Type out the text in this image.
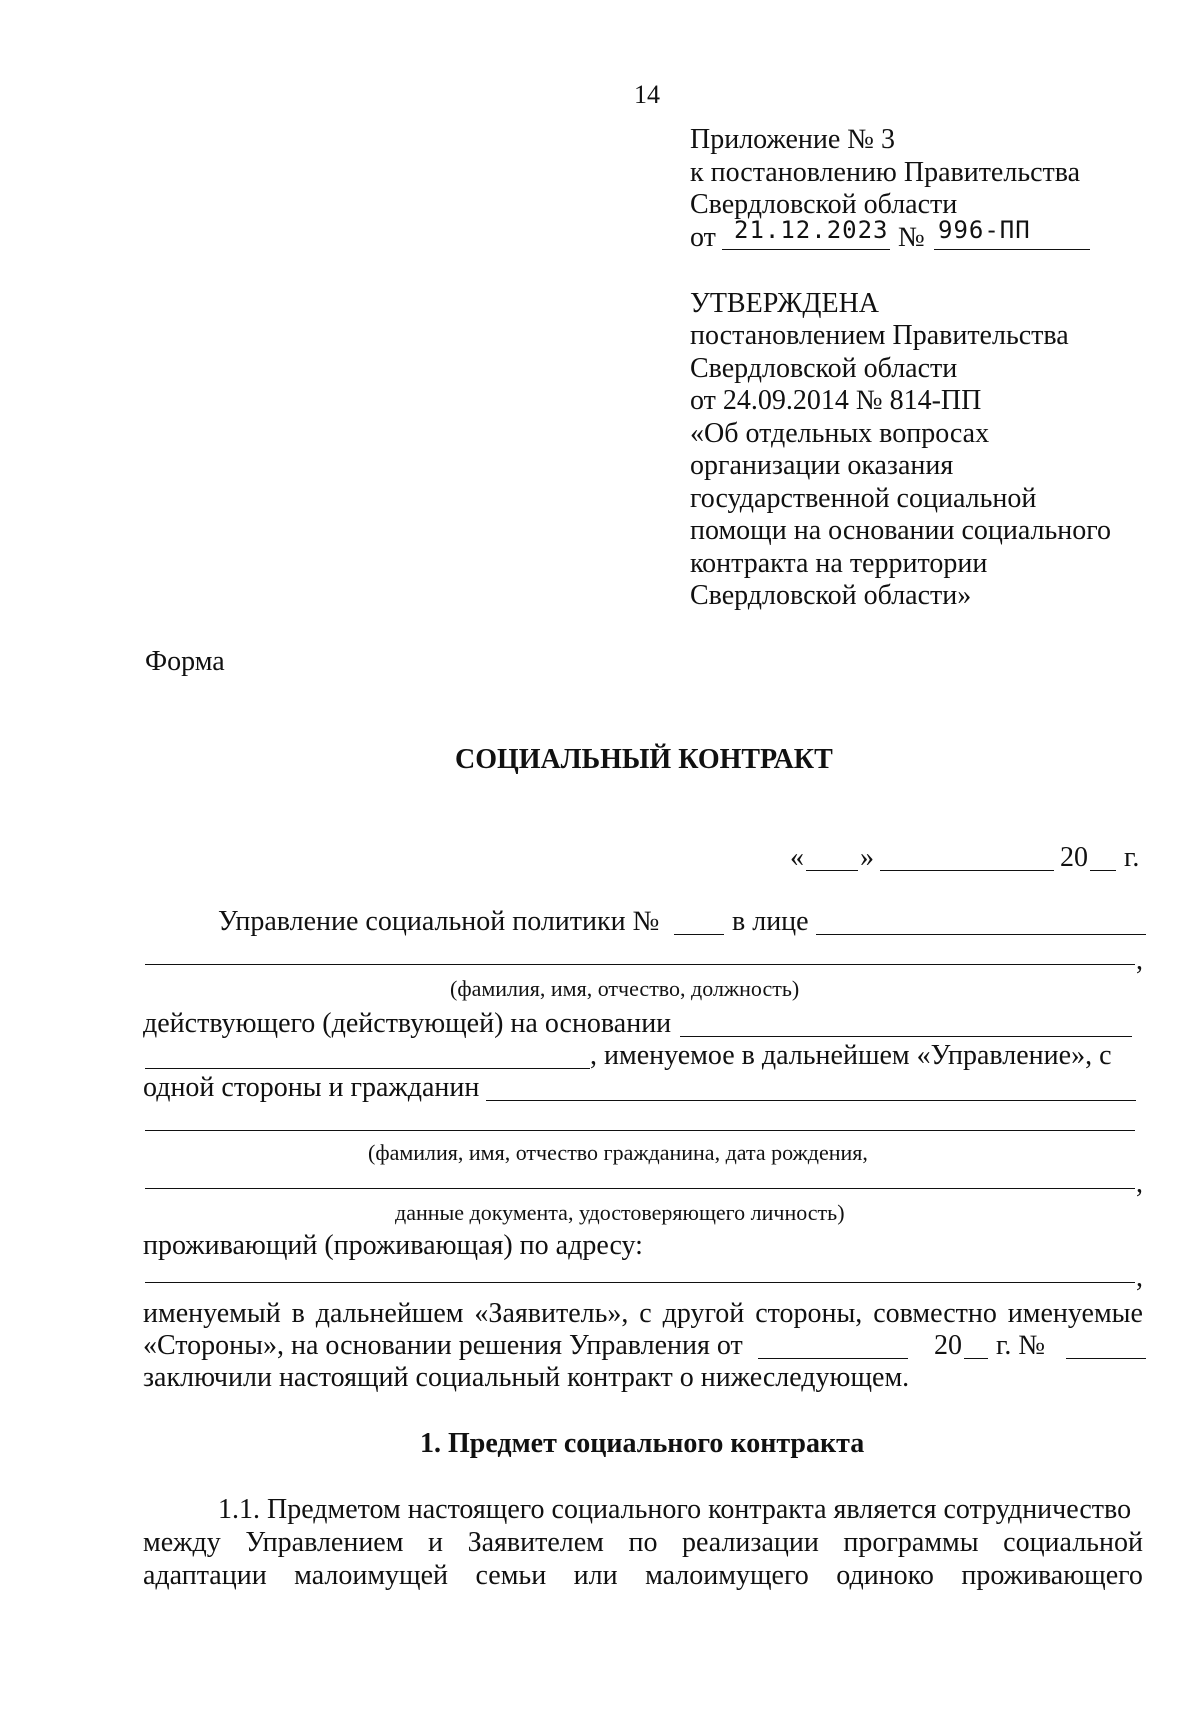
14
Приложение № 3
к постановлению Правительства
Свердловской области
от 21.12.2023 № 996-ПП
УТВЕРЖДЕНА
постановлением Правительства
Свердловской области
от 24.09.2014 № 814-ПП
«Об отдельных вопросах
организации оказания
государственной социальной
помощи на основании социального
контракта на территории
Свердловской области»
Форма
СОЦИАЛЬНЫЙ КОНТРАКТ
« »	20 г.
Управление социальной политики №	в лице
,
(фамилия, имя, отчество, должность)
действующего (действующей) на основании
, именуемое в дальнейшем «Управление», с
одной стороны и гражданин
(фамилия, имя, отчество гражданина, дата рождения,
,
данные документа, удостоверяющего личность)
проживающий (проживающая) по адресу:
,
именуемый в дальнейшем «Заявитель», с другой стороны, совместно именуемые
«Стороны», на основании решения Управления от	20 г. №
заключили настоящий социальный контракт о нижеследующем.
1. Предмет социального контракта
1.1. Предметом настоящего социального контракта является сотрудничество
между Управлением и Заявителем по реализации программы социальной
адаптации малоимущей семьи или малоимущего одиноко проживающего
